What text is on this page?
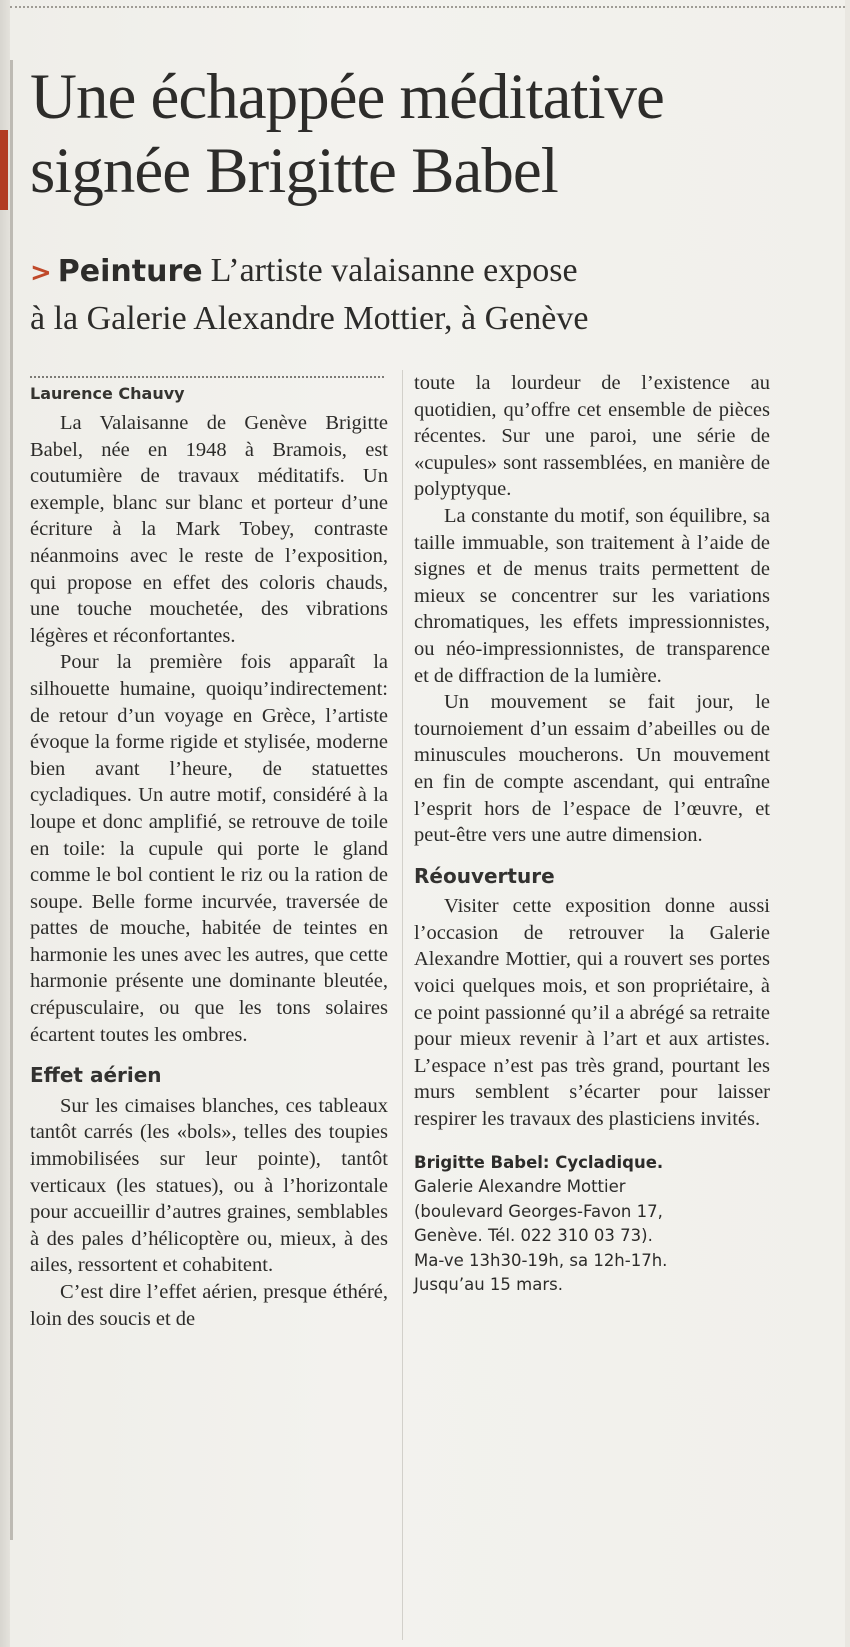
Une échappée méditative
signée Brigitte Babel
> Peinture L’artiste valaisanne expose
à la Galerie Alexandre Mottier, à Genève
Laurence Chauvy

La Valaisanne de Genève Brigitte Babel, née en 1948 à Bramois, est coutumière de travaux méditatifs. Un exemple, blanc sur blanc et porteur d’une écriture à la Mark Tobey, contraste néanmoins avec le reste de l’exposition, qui propose en effet des coloris chauds, une touche mouchetée, des vibrations légères et réconfortantes.

Pour la première fois apparaît la silhouette humaine, quoiqu’indirectement: de retour d’un voyage en Grèce, l’artiste évoque la forme rigide et stylisée, moderne bien avant l’heure, de statuettes cycladiques. Un autre motif, considéré à la loupe et donc amplifié, se retrouve de toile en toile: la cupule qui porte le gland comme le bol contient le riz ou la ration de soupe. Belle forme incurvée, traversée de pattes de mouche, habitée de teintes en harmonie les unes avec les autres, que cette harmonie présente une dominante bleutée, crépusculaire, ou que les tons solaires écartent toutes les ombres.

Effet aérien

Sur les cimaises blanches, ces tableaux tantôt carrés (les «bols», telles des toupies immobilisées sur leur pointe), tantôt verticaux (les statues), ou à l’horizontale pour accueillir d’autres graines, semblables à des pales d’hélicoptère ou, mieux, à des ailes, ressortent et cohabitent.

C’est dire l’effet aérien, presque éthéré, loin des soucis et de

toute la lourdeur de l’existence au quotidien, qu’offre cet ensemble de pièces récentes. Sur une paroi, une série de «cupules» sont rassemblées, en manière de polyptyque.

La constante du motif, son équilibre, sa taille immuable, son traitement à l’aide de signes et de menus traits permettent de mieux se concentrer sur les variations chromatiques, les effets impressionnistes, ou néo-impressionnistes, de transparence et de diffraction de la lumière.

Un mouvement se fait jour, le tournoiement d’un essaim d’abeilles ou de minuscules moucherons. Un mouvement en fin de compte ascendant, qui entraîne l’esprit hors de l’espace de l’œuvre, et peut-être vers une autre dimension.

Réouverture

Visiter cette exposition donne aussi l’occasion de retrouver la Galerie Alexandre Mottier, qui a rouvert ses portes voici quelques mois, et son propriétaire, à ce point passionné qu’il a abrégé sa retraite pour mieux revenir à l’art et aux artistes. L’espace n’est pas très grand, pourtant les murs semblent s’écarter pour laisser respirer les travaux des plasticiens invités.

Brigitte Babel: Cycladique.
Galerie Alexandre Mottier
(boulevard Georges-Favon 17,
Genève. Tél. 022 310 03 73).
Ma-ve 13h30-19h, sa 12h-17h.
Jusqu’au 15 mars.
